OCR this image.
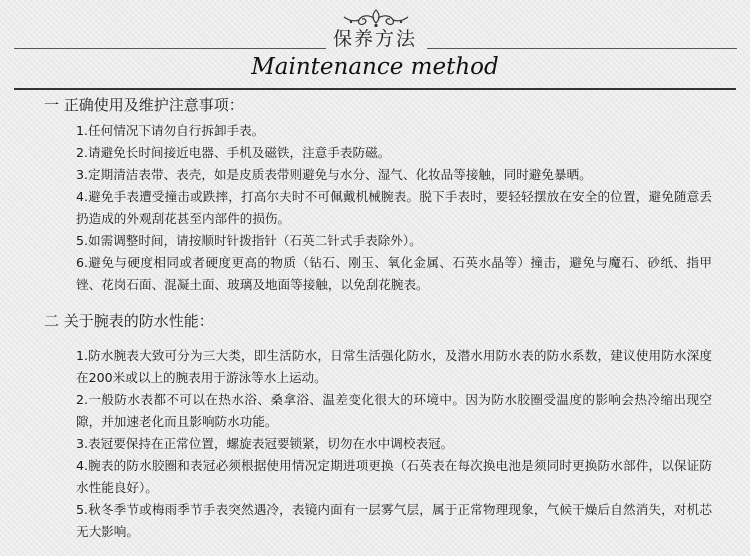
保养方法
Maintenance method
一 正确使用及维护注意事项：
1.任何情况下请勿自行拆卸手表。
2.请避免长时间接近电器、手机及磁铁，注意手表防磁。
3.定期清洁表带、表壳，如是皮质表带则避免与水分、湿气、化妆品等接触，同时避免暴晒。
4.避免手表遭受撞击或跌摔，打高尔夫时不可佩戴机械腕表。脱下手表时，要轻轻摆放在安全的位置，避免随意丢扔造成的外观刮花甚至内部件的损伤。
5.如需调整时间，请按顺时针拨指针（石英二针式手表除外）。
6.避免与硬度相同或者硬度更高的物质（钻石、刚玉、氧化金属、石英水晶等）撞击，避免与魔石、砂纸、指甲锉、花岗石面、混凝土面、玻璃及地面等接触，以免刮花腕表。
二 关于腕表的防水性能：
1.防水腕表大致可分为三大类，即生活防水，日常生活强化防水，及潜水用防水表的防水系数，建议使用防水深度在200米或以上的腕表用于游泳等水上运动。
2.一般防水表都不可以在热水浴、桑拿浴、温差变化很大的环境中。因为防水胶圈受温度的影响会热冷缩出现空隙，并加速老化而且影响防水功能。
3.表冠要保持在正常位置，螺旋表冠要锁紧，切勿在水中调校表冠。
4.腕表的防水胶圈和表冠必须根据使用情况定期进项更换（石英表在每次换电池是须同时更换防水部件，以保证防水性能良好）。
5.秋冬季节或梅雨季节手表突然遇冷，表镜内面有一层雾气层，属于正常物理现象，气候干燥后自然消失，对机芯无大影响。
